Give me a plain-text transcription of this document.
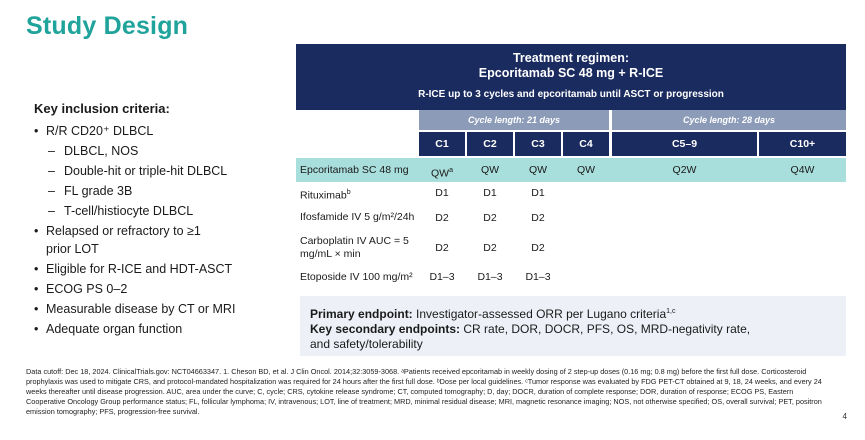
Study Design
Key inclusion criteria:
• R/R CD20⁺ DLBCL
– DLBCL, NOS
– Double-hit or triple-hit DLBCL
– FL grade 3B
– T-cell/histiocyte DLBCL
• Relapsed or refractory to ≥1
prior LOT
• Eligible for R-ICE and HDT-ASCT
• ECOG PS 0–2
• Measurable disease by CT or MRI
• Adequate organ function
Treatment regimen:
Epcoritamab SC 48 mg + R-ICE
R-ICE up to 3 cycles and epcoritamab until ASCT or progression
Cycle length: 21 days	Cycle length: 28 days
C1	C2	C3	C4	C5–9	C10+
Epcoritamab SC 48 mg	$QW^a$	QW	QW	QW	Q2W	Q4W
Rituximab$^b$	D1	D1	D1
Ifosfamide IV 5 g/m²/24h	D2	D2	D2
Carboplatin IV AUC = 5
mg/mL × min	D2	D2	D2
Etoposide IV 100 mg/m²	D1–3	D1–3	D1–3
Primary endpoint: Investigator-assessed ORR per Lugano criteria$^{1,c}$
Key secondary endpoints: CR rate, DOR, DOCR, PFS, OS, MRD-negativity rate,
and safety/tolerability
Data cutoff: Dec 18, 2024. ClinicalTrials.gov: NCT04663347. 1. Cheson BD, et al. J Clin Oncol. 2014;32:3059-3068. ᵃPatients received epcoritamab in weekly dosing of 2 step-up doses (0.16 mg; 0.8 mg) before the first full dose. Corticosteroid prophylaxis was used to mitigate CRS, and protocol-mandated hospitalization was required for 24 hours after the first full dose. ᵇDose per local guidelines. ᶜTumor response was evaluated by FDG PET-CT obtained at 9, 18, 24 weeks, and every 24 weeks thereafter until disease progression. AUC, area under the curve; C, cycle; CRS, cytokine release syndrome; CT, computed tomography; D, day; DOCR, duration of complete response; DOR, duration of response; ECOG PS, Eastern Cooperative Oncology Group performance status; FL, follicular lymphoma; IV, intravenous; LOT, line of treatment; MRD, minimal residual disease; MRI, magnetic resonance imaging; NOS, not otherwise specified; OS, overall survival; PET, positron emission tomography; PFS, progression-free survival.
4
